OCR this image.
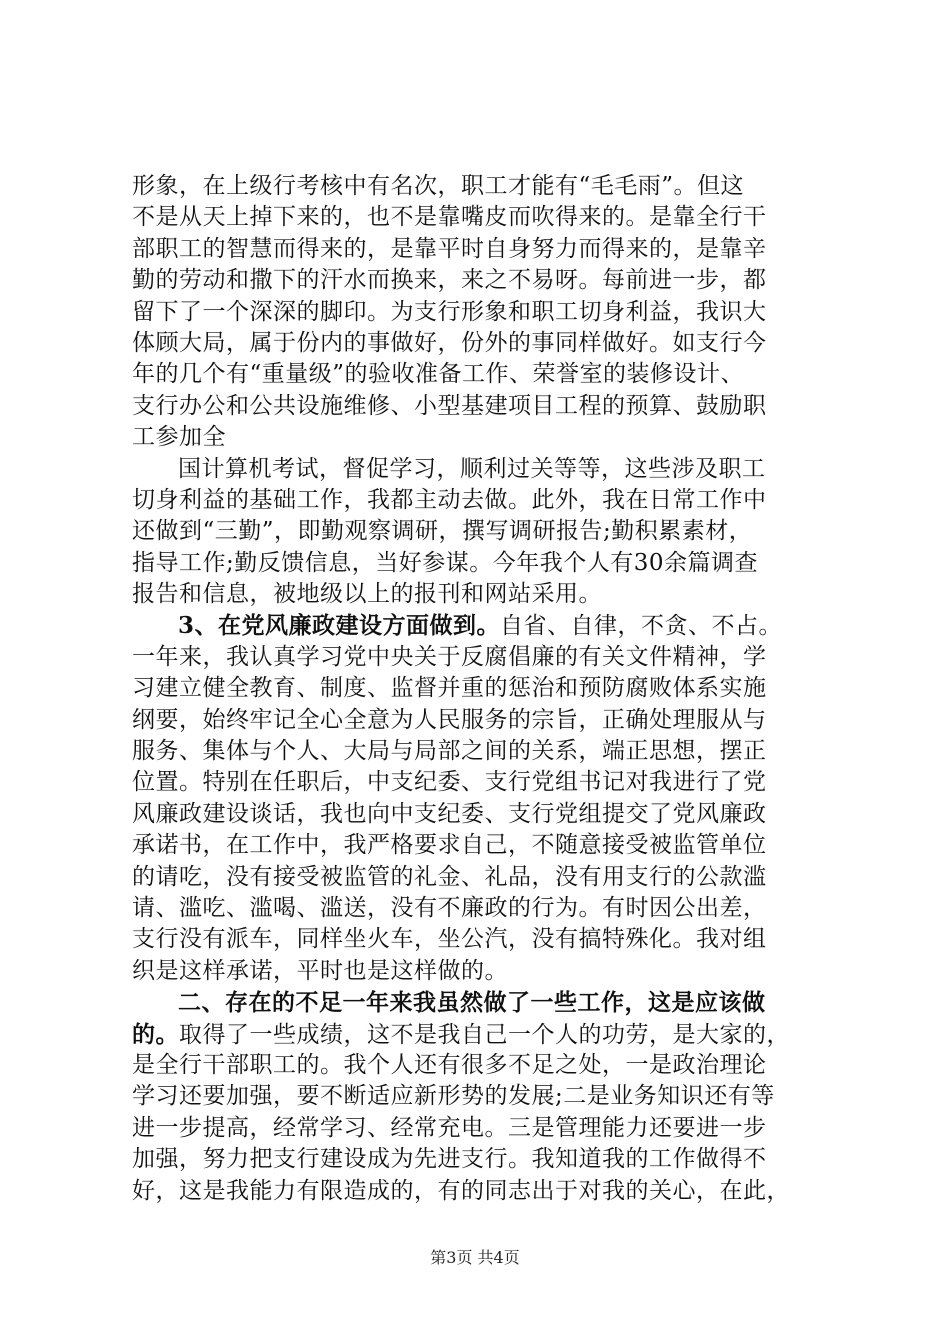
形象，在上级行考核中有名次，职工才能有“毛毛雨”。但这
不是从天上掉下来的，也不是靠嘴皮而吹得来的。是靠全行干
部职工的智慧而得来的，是靠平时自身努力而得来的，是靠辛
勤的劳动和撒下的汗水而换来，来之不易呀。每前进一步，都
留下了一个深深的脚印。为支行形象和职工切身利益，我识大
体顾大局，属于份内的事做好，份外的事同样做好。如支行今
年的几个有“重量级”的验收准备工作、荣誉室的装修设计、
支行办公和公共设施维修、小型基建项目工程的预算、鼓励职
工参加全
国计算机考试，督促学习，顺利过关等等，这些涉及职工
切身利益的基础工作，我都主动去做。此外，我在日常工作中
还做到“三勤”，即勤观察调研，撰写调研报告;勤积累素材，
指导工作;勤反馈信息，当好参谋。今年我个人有30余篇调查
报告和信息，被地级以上的报刊和网站采用。
3、在党风廉政建设方面做到。自省、自律，不贪、不占。
一年来，我认真学习党中央关于反腐倡廉的有关文件精神，学
习建立健全教育、制度、监督并重的惩治和预防腐败体系实施
纲要，始终牢记全心全意为人民服务的宗旨，正确处理服从与
服务、集体与个人、大局与局部之间的关系，端正思想，摆正
位置。特别在任职后，中支纪委、支行党组书记对我进行了党
风廉政建设谈话，我也向中支纪委、支行党组提交了党风廉政
承诺书，在工作中，我严格要求自己，不随意接受被监管单位
的请吃，没有接受被监管的礼金、礼品，没有用支行的公款滥
请、滥吃、滥喝、滥送，没有不廉政的行为。有时因公出差，
支行没有派车，同样坐火车，坐公汽，没有搞特殊化。我对组
织是这样承诺，平时也是这样做的。
二、存在的不足一年来我虽然做了一些工作，这是应该做
的。取得了一些成绩，这不是我自己一个人的功劳，是大家的，
是全行干部职工的。我个人还有很多不足之处，一是政治理论
学习还要加强，要不断适应新形势的发展;二是业务知识还有等
进一步提高，经常学习、经常充电。三是管理能力还要进一步
加强，努力把支行建设成为先进支行。我知道我的工作做得不
好，这是我能力有限造成的，有的同志出于对我的关心，在此，
第3页 共4页
